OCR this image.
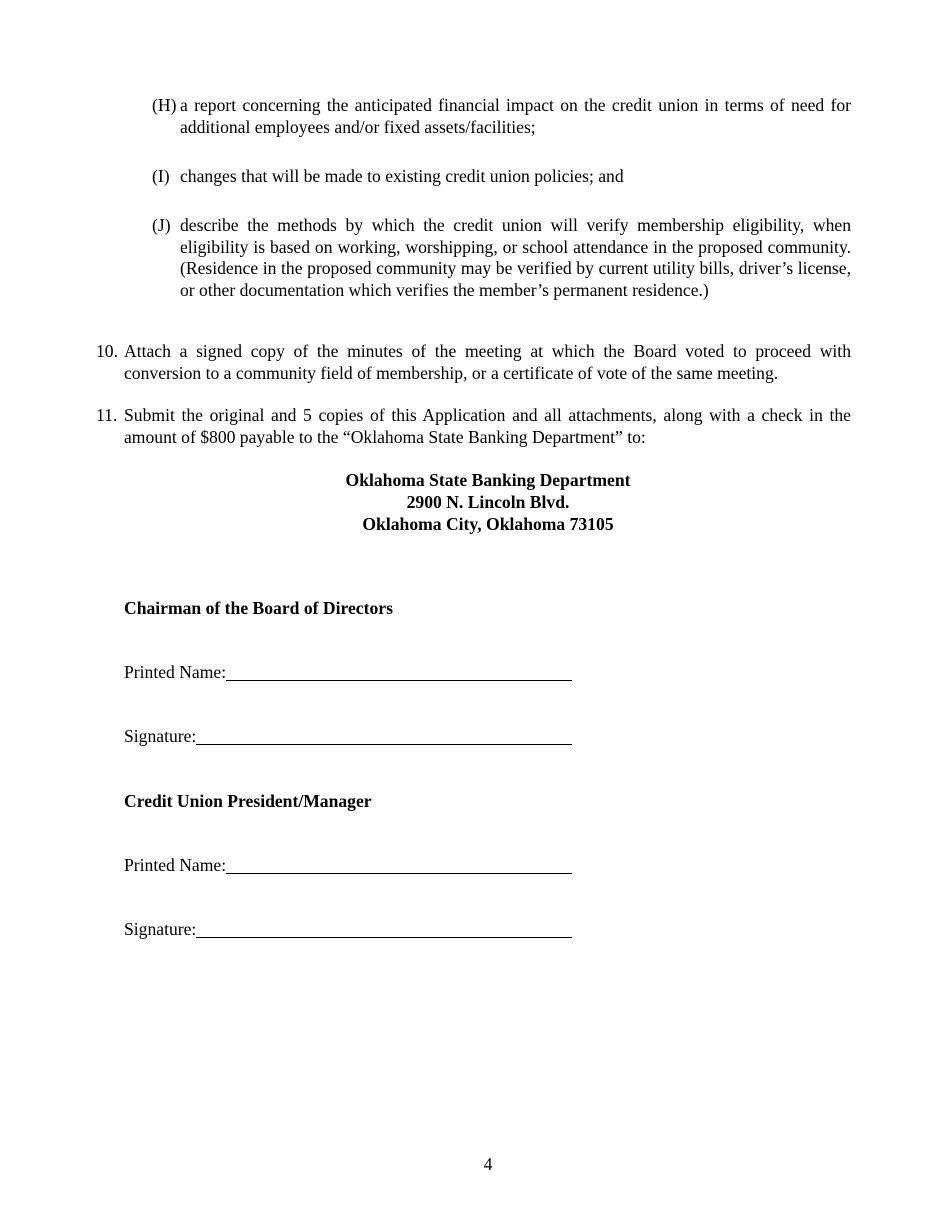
(H) a report concerning the anticipated financial impact on the credit union in terms of need for additional employees and/or fixed assets/facilities;
(I) changes that will be made to existing credit union policies; and
(J) describe the methods by which the credit union will verify membership eligibility, when eligibility is based on working, worshipping, or school attendance in the proposed community. (Residence in the proposed community may be verified by current utility bills, driver’s license, or other documentation which verifies the member’s permanent residence.)
10. Attach a signed copy of the minutes of the meeting at which the Board voted to proceed with conversion to a community field of membership, or a certificate of vote of the same meeting.
11. Submit the original and 5 copies of this Application and all attachments, along with a check in the amount of $800 payable to the “Oklahoma State Banking Department” to:
Oklahoma State Banking Department
2900 N. Lincoln Blvd.
Oklahoma City, Oklahoma 73105
Chairman of the Board of Directors
Printed Name:
Signature:
Credit Union President/Manager
Printed Name:
Signature:
4
